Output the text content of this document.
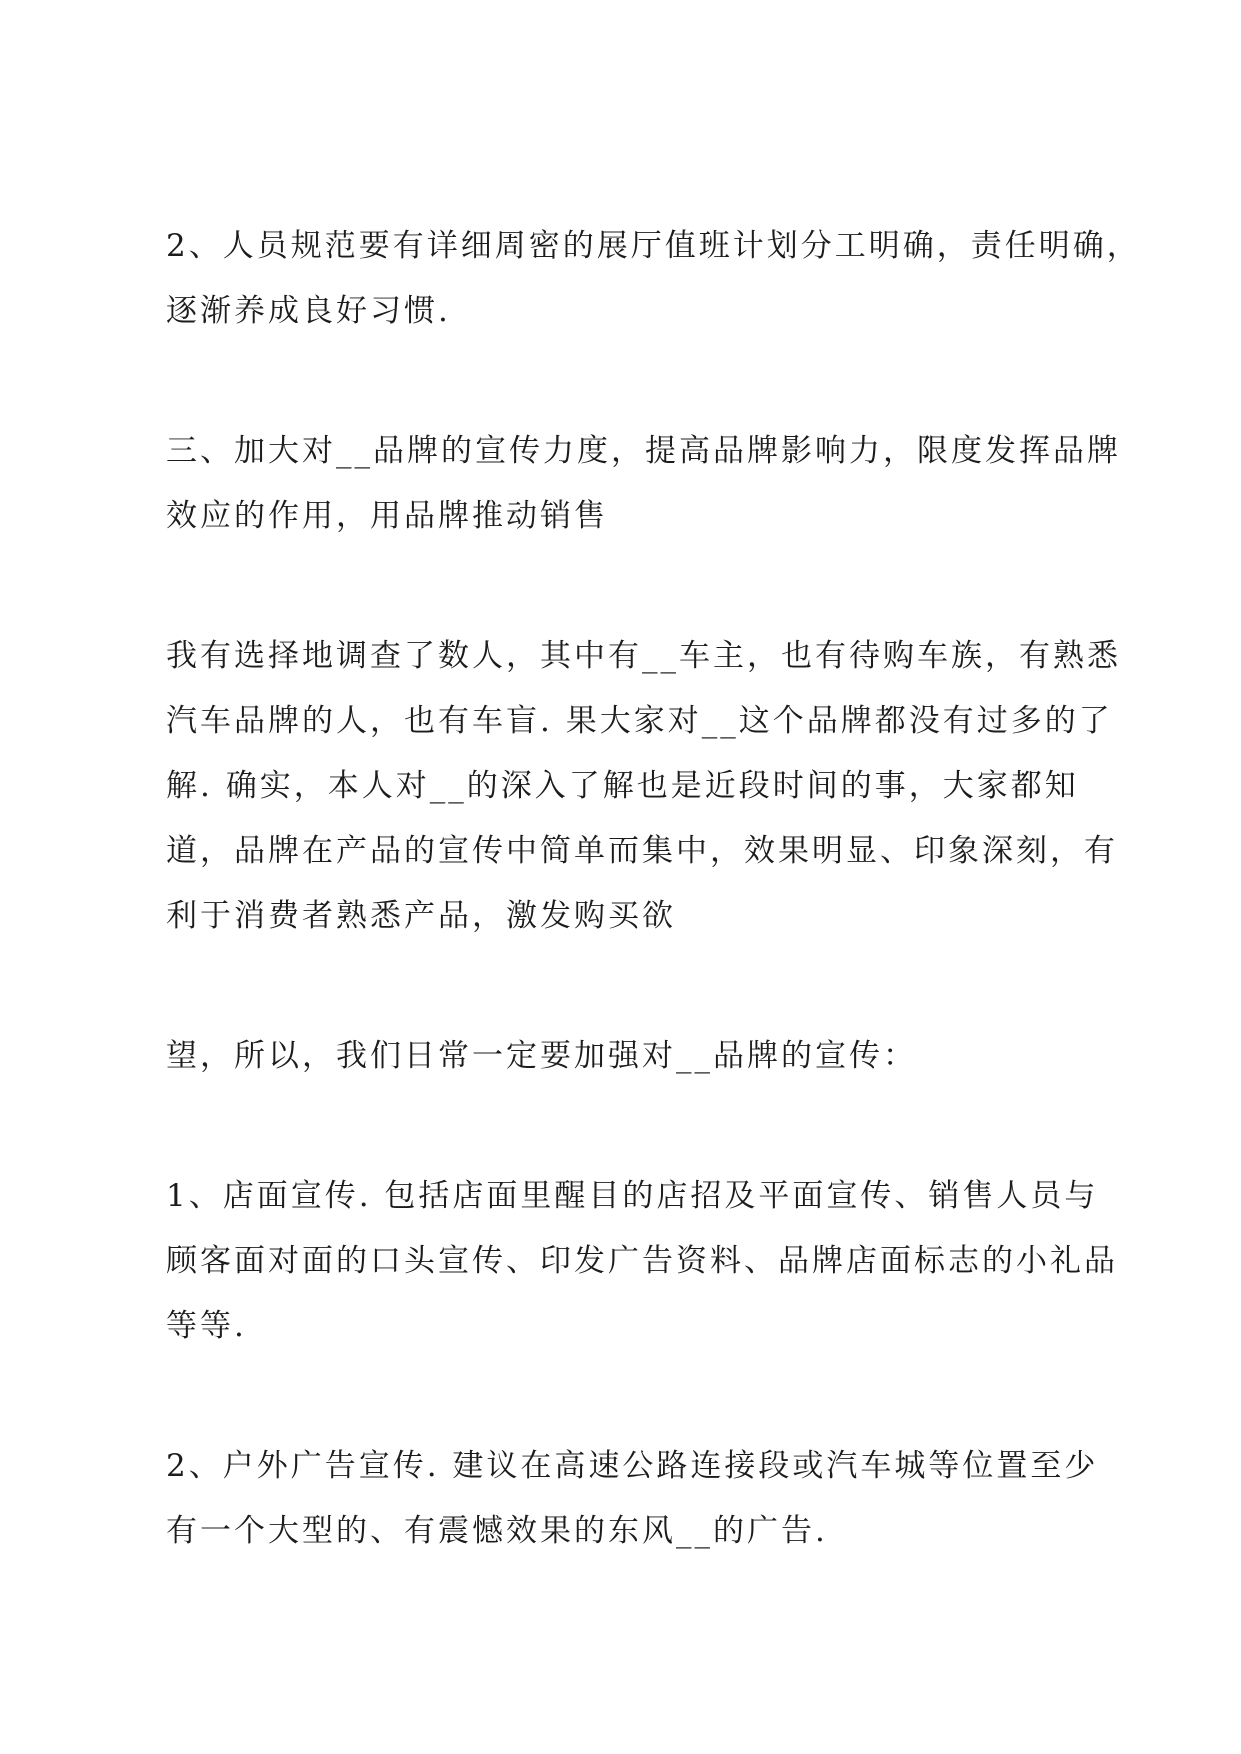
2、人员规范要有详细周密的展厅值班计划分工明确，责任明确，
逐渐养成良好习惯.
三、加大对__品牌的宣传力度，提高品牌影响力，限度发挥品牌
效应的作用，用品牌推动销售
我有选择地调查了数人，其中有__车主，也有待购车族，有熟悉
汽车品牌的人，也有车盲. 果大家对__这个品牌都没有过多的了
解. 确实，本人对__的深入了解也是近段时间的事，大家都知
道，品牌在产品的宣传中简单而集中，效果明显、印象深刻，有
利于消费者熟悉产品，激发购买欲
望，所以，我们日常一定要加强对__品牌的宣传：
1、店面宣传. 包括店面里醒目的店招及平面宣传、销售人员与
顾客面对面的口头宣传、印发广告资料、品牌店面标志的小礼品
等等.
2、户外广告宣传. 建议在高速公路连接段或汽车城等位置至少
有一个大型的、有震憾效果的东风__的广告.
